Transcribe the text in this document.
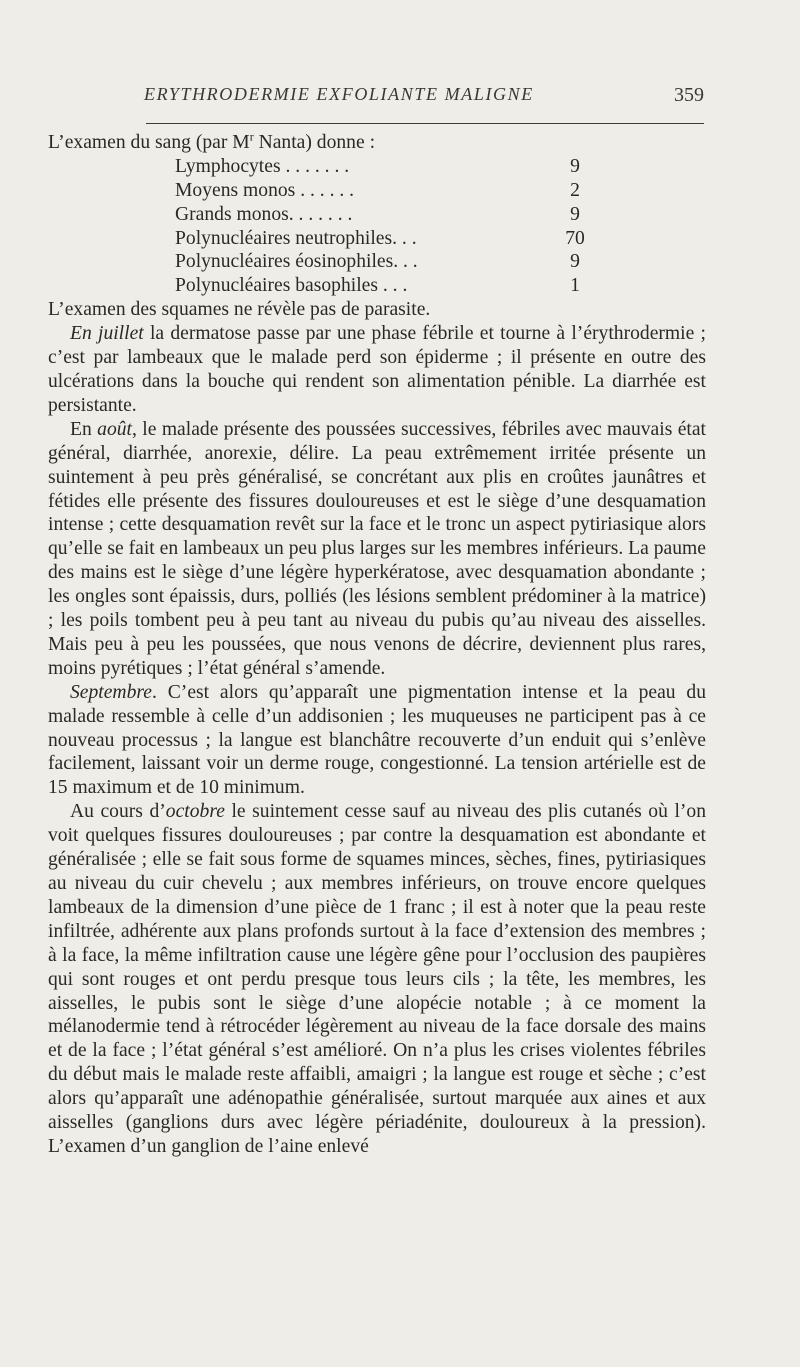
ERYTHRODERMIE EXFOLIANTE MALIGNE	359

L’examen du sang (par $M^r$ Nanta) donne :

Lymphocytes . . . . . . .	9
Moyens monos . . . . . .	2
Grands monos. . . . . . .	9
Polynucléaires neutrophiles. . .	70
Polynucléaires éosinophiles. . .	9
Polynucléaires basophiles . . .	1

L’examen des squames ne révèle pas de parasite.

En juillet la dermatose passe par une phase fébrile et tourne à l’érythrodermie ; c’est par lambeaux que le malade perd son épiderme ; il présente en outre des ulcérations dans la bouche qui rendent son alimentation pénible. La diarrhée est persistante.

En août, le malade présente des poussées successives, fébriles avec mauvais état général, diarrhée, anorexie, délire. La peau extrêmement irritée présente un suintement à peu près généralisé, se concrétant aux plis en croûtes jaunâtres et fétides elle présente des fissures douloureuses et est le siège d’une desquamation intense ; cette desquamation revêt sur la face et le tronc un aspect pytiriasique alors qu’elle se fait en lambeaux un peu plus larges sur les membres inférieurs. La paume des mains est le siège d’une légère hyperkératose, avec desquamation abondante ; les ongles sont épaissis, durs, polliés (les lésions semblent prédominer à la matrice) ; les poils tombent peu à peu tant au niveau du pubis qu’au niveau des aisselles. Mais peu à peu les poussées, que nous venons de décrire, deviennent plus rares, moins pyrétiques ; l’état général s’amende.

Septembre. C’est alors qu’apparaît une pigmentation intense et la peau du malade ressemble à celle d’un addisonien ; les muqueuses ne participent pas à ce nouveau processus ; la langue est blanchâtre recouverte d’un enduit qui s’enlève facilement, laissant voir un derme rouge, congestionné. La tension artérielle est de 15 maximum et de 10 minimum.

Au cours d’octobre le suintement cesse sauf au niveau des plis cutanés où l’on voit quelques fissures douloureuses ; par contre la desquamation est abondante et généralisée ; elle se fait sous forme de squames minces, sèches, fines, pytiriasiques au niveau du cuir chevelu ; aux membres inférieurs, on trouve encore quelques lambeaux de la dimension d’une pièce de 1 franc ; il est à noter que la peau reste infiltrée, adhérente aux plans profonds surtout à la face d’extension des membres ; à la face, la même infiltration cause une légère gêne pour l’occlusion des paupières qui sont rouges et ont perdu presque tous leurs cils ; la tête, les membres, les aisselles, le pubis sont le siège d’une alopécie notable ; à ce moment la mélanodermie tend à rétrocéder légèrement au niveau de la face dorsale des mains et de la face ; l’état général s’est amélioré. On n’a plus les crises violentes fébriles du début mais le malade reste affaibli, amaigri ; la langue est rouge et sèche ; c’est alors qu’apparaît une adénopathie généralisée, surtout marquée aux aines et aux aisselles (ganglions durs avec légère périadénite, douloureux à la pression). L’examen d’un ganglion de l’aine enlevé
